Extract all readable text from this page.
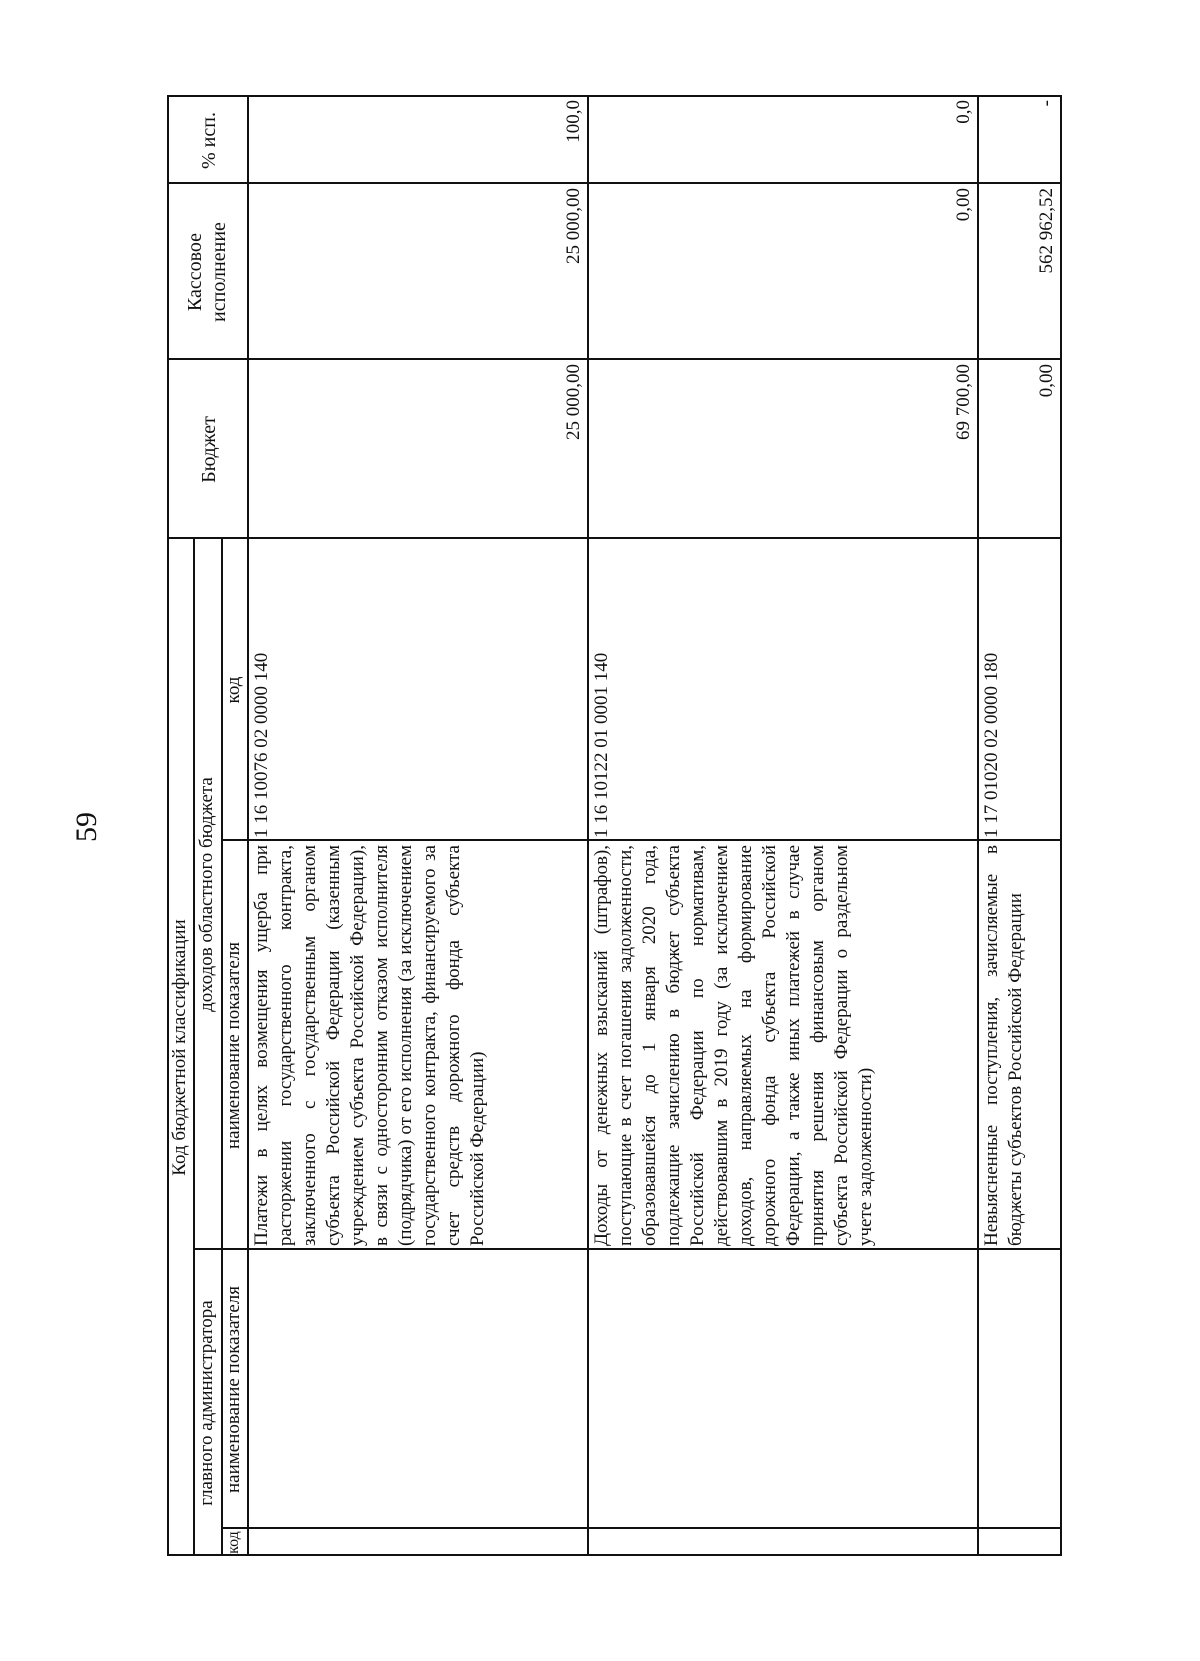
59
Код бюджетной классификации
главного администратора
доходов областного бюджета
код
наименование показателя
наименование показателя
код
Бюджет
Кассовое
исполнение
% исп.
Платежи в целях возмещения ущерба при расторжении государственного контракта, заключенного с государственным органом субъекта Российской Федерации (казенным учреждением субъекта Российской Федерации), в связи с односторонним отказом исполнителя (подрядчика) от его исполнения (за исключением государственного контракта, финансируемого за счет средств дорожного фонда субъекта Российской Федерации)
1 16 10076 02 0000 140
25 000,00
25 000,00
100,0
Доходы от денежных взысканий (штрафов), поступающие в счет погашения задолженности, образовавшейся до 1 января 2020 года, подлежащие зачислению в бюджет субъекта Российской Федерации по нормативам, действовавшим в 2019 году (за исключением доходов, направляемых на формирование дорожного фонда субъекта Российской Федерации, а также иных платежей в случае принятия решения финансовым органом субъекта Российской Федерации о раздельном учете задолженности)
1 16 10122 01 0001 140
69 700,00
0,00
0,0
Невыясненные поступления, зачисляемые в бюджеты субъектов Российской Федерации
1 17 01020 02 0000 180
0,00
562 962,52
-
